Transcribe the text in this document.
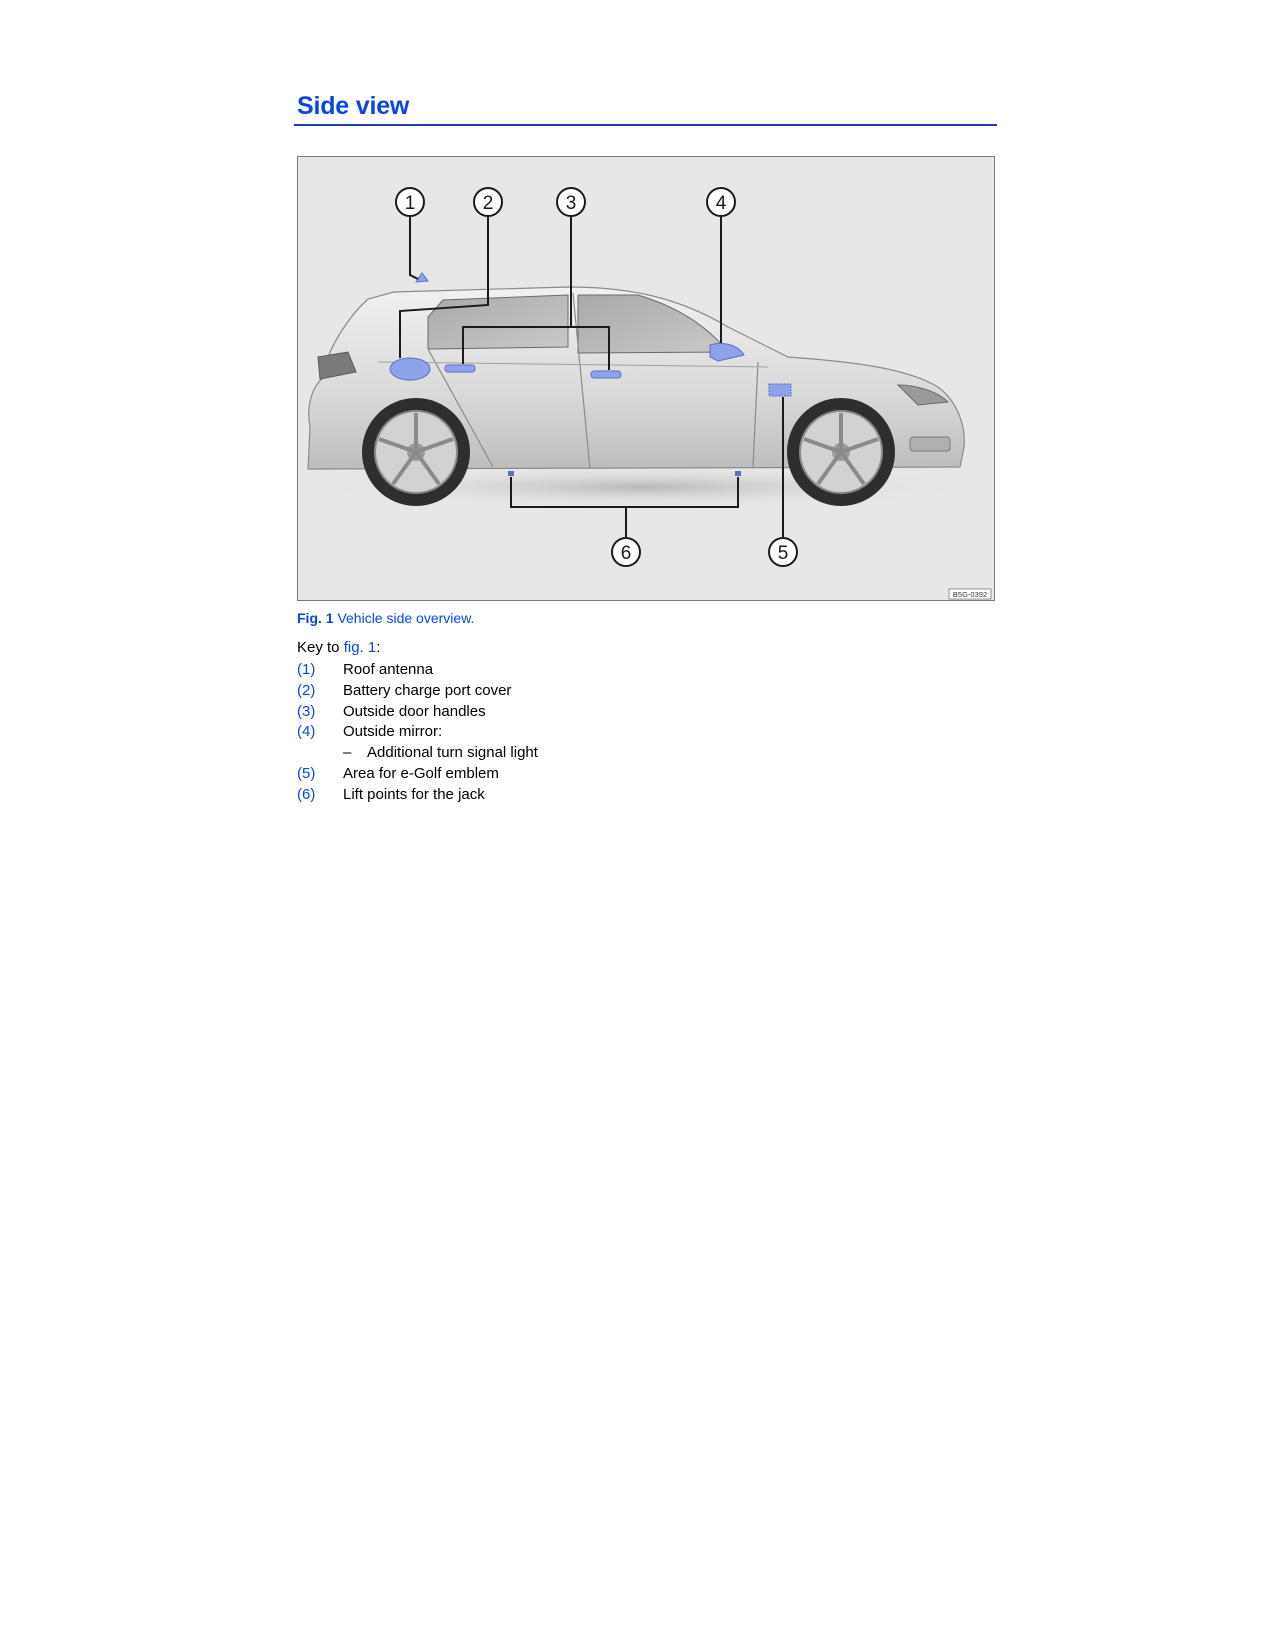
Side view
1	2	3	4
5
6
B5G-0392
Fig. 1 Vehicle side overview.
Key to fig. 1:
(1) Roof antenna
(2) Battery charge port cover
(3) Outside door handles
(4) Outside mirror:
– Additional turn signal light
(5) Area for e-Golf emblem
(6) Lift points for the jack
